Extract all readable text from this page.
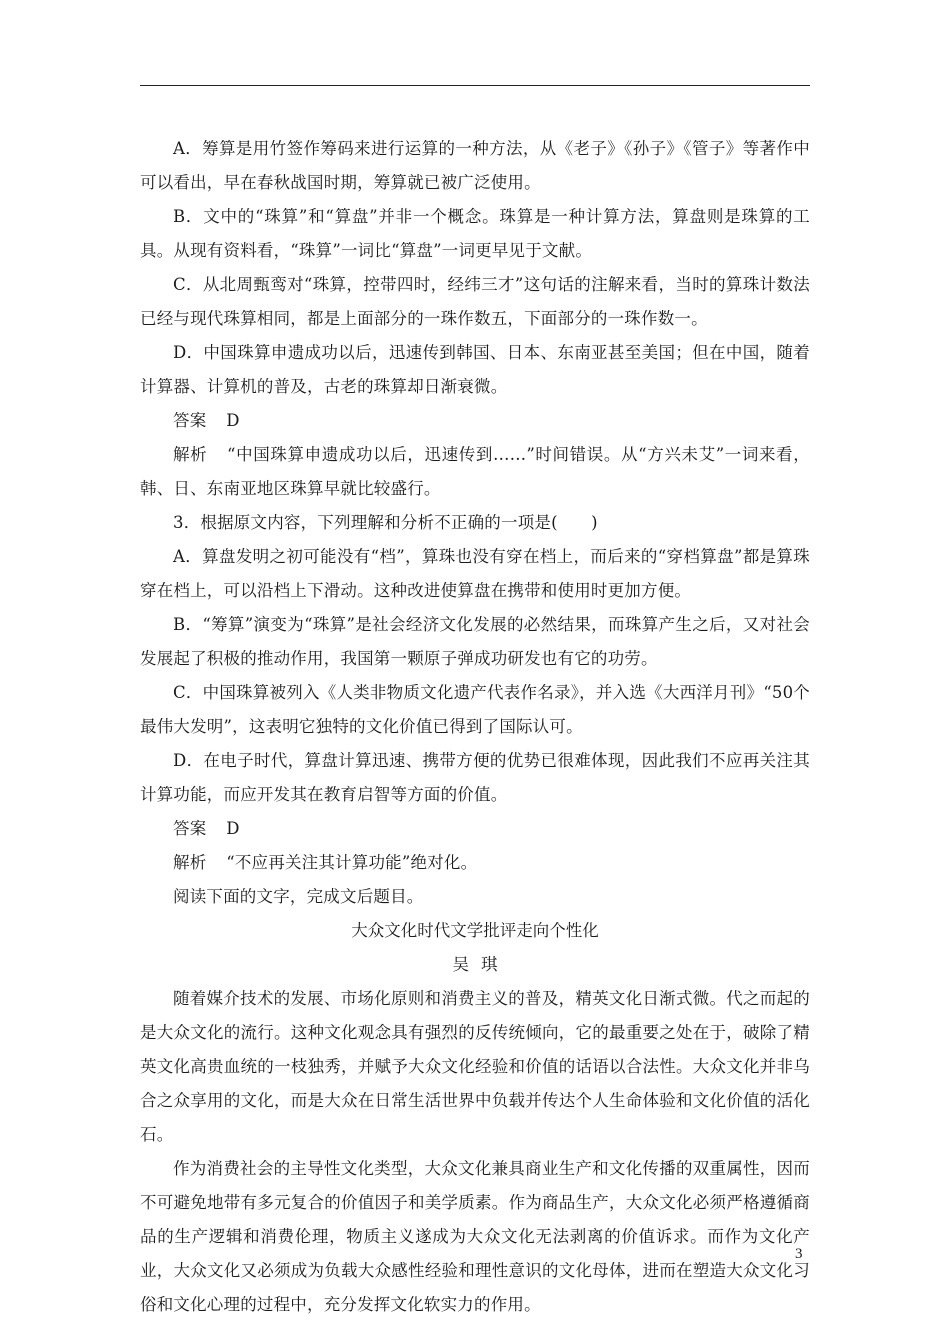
A．筹算是用竹签作筹码来进行运算的一种方法，从《老子》《孙子》《管子》等著作中可以看出，早在春秋战国时期，筹算就已被广泛使用。

B．文中的“珠算”和“算盘”并非一个概念。珠算是一种计算方法，算盘则是珠算的工具。从现有资料看，“珠算”一词比“算盘”一词更早见于文献。

C．从北周甄鸾对“珠算，控带四时，经纬三才”这句话的注解来看，当时的算珠计数法已经与现代珠算相同，都是上面部分的一珠作数五，下面部分的一珠作数一。

D．中国珠算申遗成功以后，迅速传到韩国、日本、东南亚甚至美国；但在中国，随着计算器、计算机的普及，古老的珠算却日渐衰微。

答案 D

解析 “中国珠算申遗成功以后，迅速传到……”时间错误。从“方兴未艾”一词来看，韩、日、东南亚地区珠算早就比较盛行。

3．根据原文内容，下列理解和分析不正确的一项是(　　)

A．算盘发明之初可能没有“档”，算珠也没有穿在档上，而后来的“穿档算盘”都是算珠穿在档上，可以沿档上下滑动。这种改进使算盘在携带和使用时更加方便。

B．“筹算”演变为“珠算”是社会经济文化发展的必然结果，而珠算产生之后，又对社会发展起了积极的推动作用，我国第一颗原子弹成功研发也有它的功劳。

C．中国珠算被列入《人类非物质文化遗产代表作名录》，并入选《大西洋月刊》“50个最伟大发明”，这表明它独特的文化价值已得到了国际认可。

D．在电子时代，算盘计算迅速、携带方便的优势已很难体现，因此我们不应再关注其计算功能，而应开发其在教育启智等方面的价值。

答案 D

解析 “不应再关注其计算功能”绝对化。

阅读下面的文字，完成文后题目。

大众文化时代文学批评走向个性化

吴琪

随着媒介技术的发展、市场化原则和消费主义的普及，精英文化日渐式微。代之而起的是大众文化的流行。这种文化观念具有强烈的反传统倾向，它的最重要之处在于，破除了精英文化高贵血统的一枝独秀，并赋予大众文化经验和价值的话语以合法性。大众文化并非乌合之众享用的文化，而是大众在日常生活世界中负载并传达个人生命体验和文化价值的活化石。

作为消费社会的主导性文化类型，大众文化兼具商业生产和文化传播的双重属性，因而不可避免地带有多元复合的价值因子和美学质素。作为商品生产，大众文化必须严格遵循商品的生产逻辑和消费伦理，物质主义遂成为大众文化无法剥离的价值诉求。而作为文化产业，大众文化又必须成为负载大众感性经验和理性意识的文化母体，进而在塑造大众文化习俗和文化心理的过程中，充分发挥文化软实力的作用。

3
